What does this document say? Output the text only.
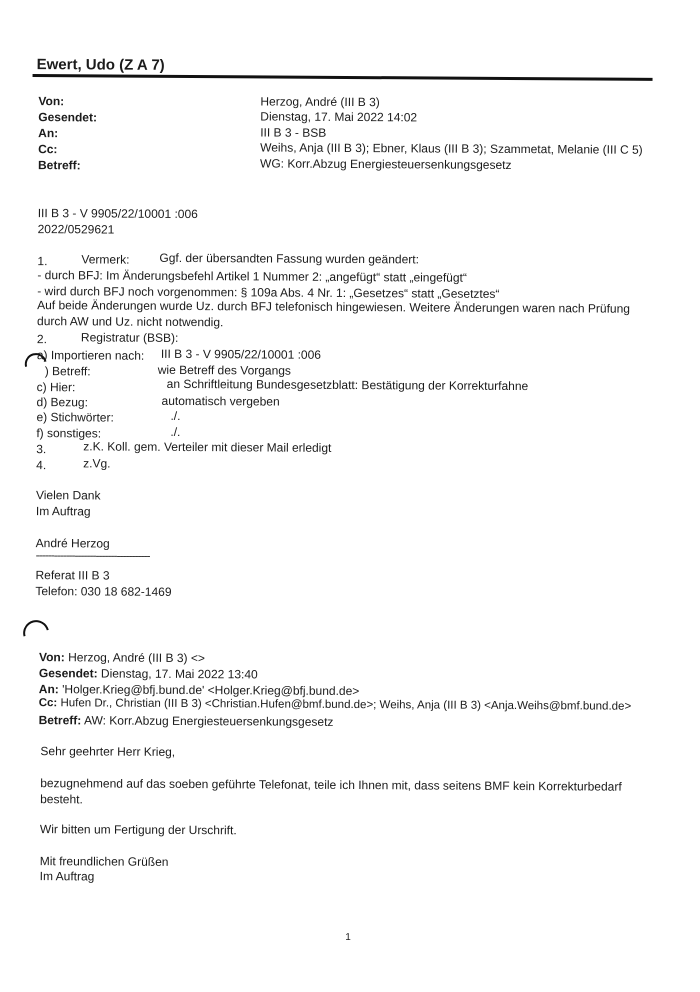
Ewert, Udo (Z A 7)
Von:	Herzog, André (III B 3)
Gesendet:	Dienstag, 17. Mai 2022 14:02
An:	III B 3 - BSB
Cc:	Weihs, Anja (III B 3); Ebner, Klaus (III B 3); Szammetat, Melanie (III C 5)
Betreff:	WG: Korr.Abzug Energiesteuersenkungsgesetz
III B 3 - V 9905/22/10001 :006
2022/0529621
1.	Vermerk: Ggf. der übersandten Fassung wurden geändert:
- durch BFJ: Im Änderungsbefehl Artikel 1 Nummer 2: „angefügt“ statt „eingefügt“
- wird durch BFJ noch vorgenommen: § 109a Abs. 4 Nr. 1: „Gesetzes“ statt „Gesetztes“
Auf beide Änderungen wurde Uz. durch BFJ telefonisch hingewiesen. Weitere Änderungen waren nach Prüfung
durch AW und Uz. nicht notwendig.
2.	Registratur (BSB):
a) Importieren nach: III B 3 - V 9905/22/10001 :006
) Betreff:	wie Betreff des Vorgangs
c) Hier:	an Schriftleitung Bundesgesetzblatt: Bestätigung der Korrekturfahne
d) Bezug:	automatisch vergeben
e) Stichwörter:	./.
f) sonstiges:	./.
3.	z.K. Koll. gem. Verteiler mit dieser Mail erledigt
4.	z.Vg.
Vielen Dank
Im Auftrag
André Herzog
--------------------------------------
Referat III B 3
Telefon: 030 18 682-1469
Von: Herzog, André (III B 3) <>
Gesendet: Dienstag, 17. Mai 2022 13:40
An: 'Holger.Krieg@bfj.bund.de' <Holger.Krieg@bfj.bund.de>
Cc: Hufen Dr., Christian (III B 3) <Christian.Hufen@bmf.bund.de>; Weihs, Anja (III B 3) <Anja.Weihs@bmf.bund.de>
Betreff: AW: Korr.Abzug Energiesteuersenkungsgesetz
Sehr geehrter Herr Krieg,
bezugnehmend auf das soeben geführte Telefonat, teile ich Ihnen mit, dass seitens BMF kein Korrekturbedarf
besteht.
Wir bitten um Fertigung der Urschrift.
Mit freundlichen Grüßen
Im Auftrag
1
